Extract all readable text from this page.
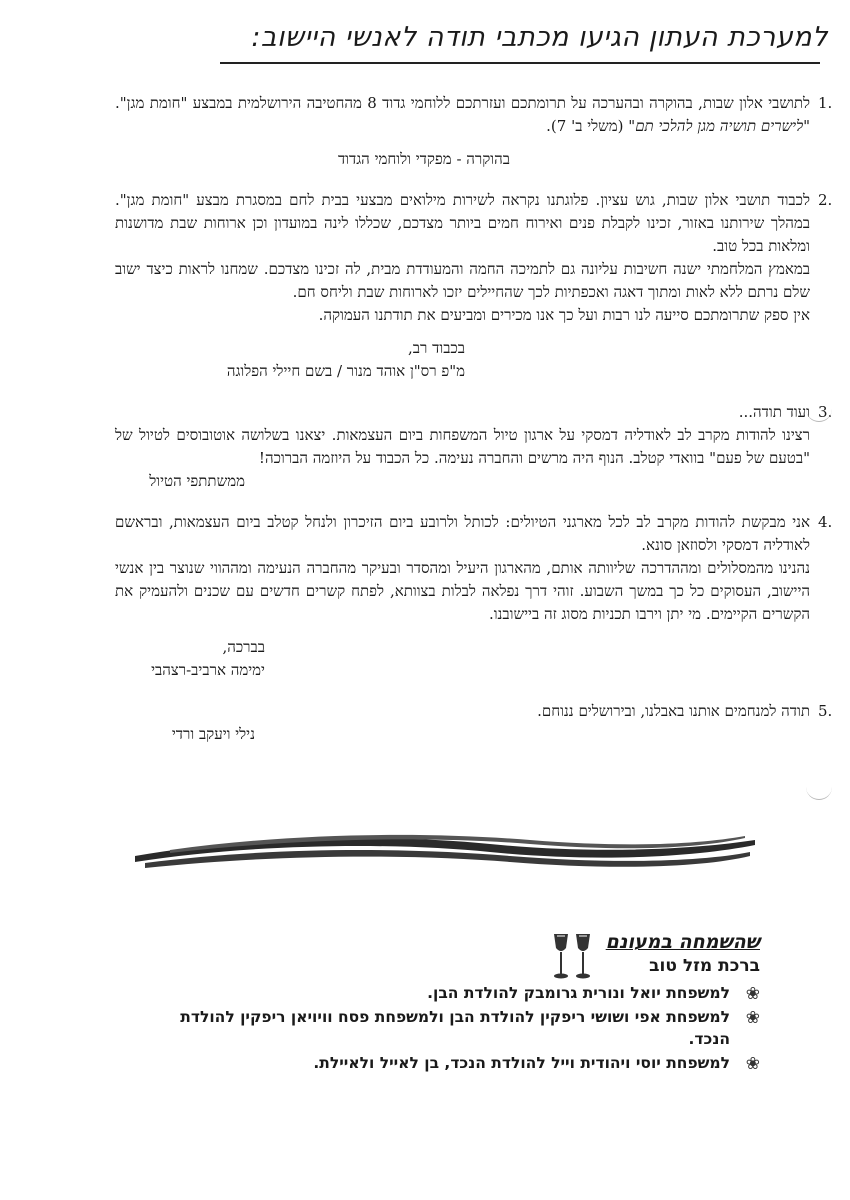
למערכת העתון הגיעו מכתבי תודה לאנשי היישוב:
.1

לתושבי אלון שבות, בהוקרה ובהערכה על תרומתכם ועזרתכם ללוחמי גדוד 8 מהחטיבה הירושלמית במבצע "חומת מגן". "לישרים תושיה מגן להלכי תם" (משלי ב' 7).

בהוקרה - מפקדי ולוחמי הגדוד

.2

לכבוד תושבי אלון שבות, גוש עציון. פלוגתנו נקראה לשירות מילואים מבצעי בבית לחם במסגרת מבצע "חומת מגן". במהלך שירותנו באזור, זכינו לקבלת פנים ואירוח חמים ביותר מצדכם, שכללו לינה במועדון וכן ארוחות שבת מדושנות ומלאות בכל טוב.

במאמץ המלחמתי ישנה חשיבות עליונה גם לתמיכה החמה והמעודדת מבית, לה זכינו מצדכם. שמחנו לראות כיצד ישוב שלם נרתם ללא לאות ומתוך דאגה ואכפתיות לכך שהחיילים יזכו לארוחות שבת וליחס חם.

אין ספק שתרומתכם סייעה לנו רבות ועל כך אנו מכירים ומביעים את תודתנו העמוקה.

בכבוד רב,

מ"פ רס"ן אוהד מנור / בשם חיילי הפלוגה

.3

ועוד תודה...

רצינו להודות מקרב לב לאודליה דמסקי על ארגון טיול המשפחות ביום העצמאות. יצאנו בשלושה אוטובוסים לטיול של "בטעם של פעם" בוואדי קטלב. הנוף היה מרשים והחברה נעימה. כל הכבוד על היוזמה הברוכה!

ממשתתפי הטיול

.4

אני מבקשת להודות מקרב לב לכל מארגני הטיולים: לכותל ולרובע ביום הזיכרון ולנחל קטלב ביום העצמאות, ובראשם לאודליה דמסקי ולסוזאן סונא.

נהנינו מהמסלולים ומההדרכה שליוותה אותם, מהארגון היעיל ומהסדר ובעיקר מהחברה הנעימה ומההווי שנוצר בין אנשי היישוב, העסוקים כל כך במשך השבוע. זוהי דרך נפלאה לבלות בצוותא, לפתח קשרים חדשים עם שכנים ולהעמיק את הקשרים הקיימים. מי יתן וירבו תכניות מסוג זה ביישובנו.

בברכה,

ימימה ארביב-רצהבי

.5

תודה למנחמים אותנו באבלנו, ובירושלים ננוחם.

נילי ויעקב ורדי

שהשמחה במעונם

ברכת מזל טוב

❀
למשפחת יואל ונורית גרומבק להולדת הבן.
❀
למשפחת אפי ושושי ריפקין להולדת הבן ולמשפחת פסח וויויאן ריפקין להולדת הנכד.
❀
למשפחת יוסי ויהודית וייל להולדת הנכד, בן לאייל ולאיילת.
